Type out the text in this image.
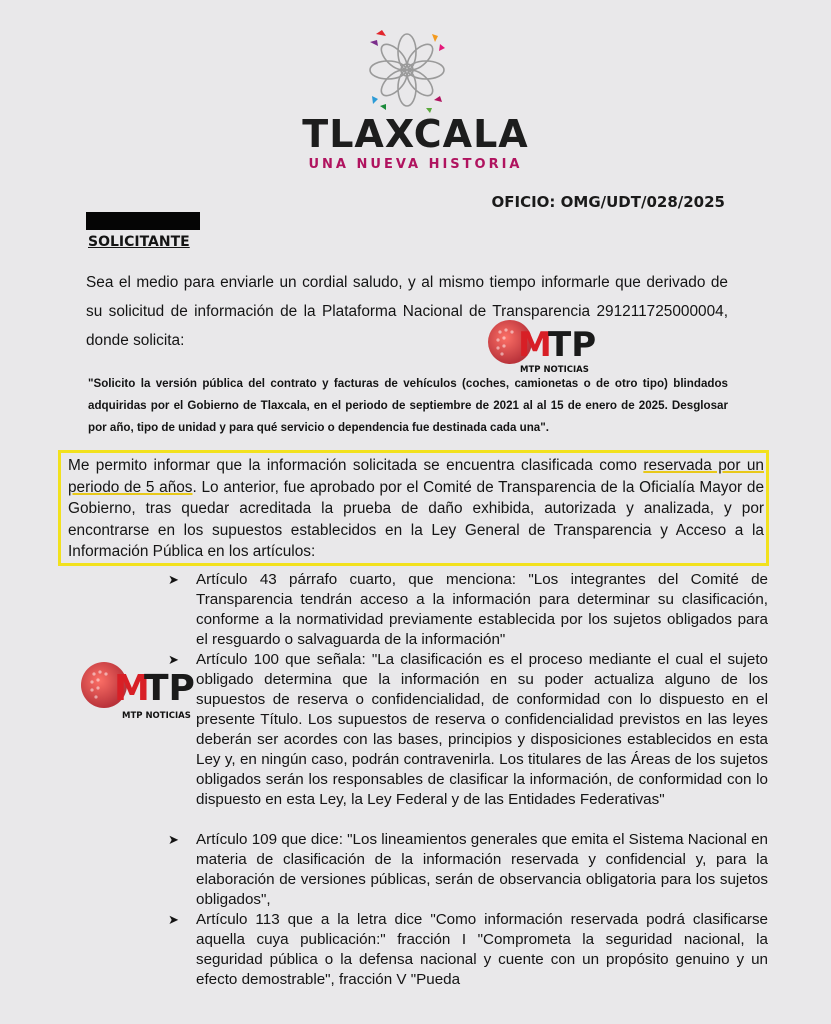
TLAXCALA
UNA NUEVA HISTORIA
OFICIO: OMG/UDT/028/2025
SOLICITANTE
Sea el medio para enviarle un cordial saludo, y al mismo tiempo informarle que derivado de su solicitud de información de la Plataforma Nacional de Transparencia 291211725000004, donde solicita:
"Solicito la versión pública del contrato y facturas de vehículos (coches, camionetas o de otro tipo) blindados adquiridas por el Gobierno de Tlaxcala, en el periodo de septiembre de 2021 al al 15 de enero de 2025. Desglosar por año, tipo de unidad y para qué servicio o dependencia fue destinada cada una".
Me permito informar que la información solicitada se encuentra clasificada como reservada por un periodo de 5 años. Lo anterior, fue aprobado por el Comité de Transparencia de la Oficialía Mayor de Gobierno, tras quedar acreditada la prueba de daño exhibida, autorizada y analizada, y por encontrarse en los supuestos establecidos en la Ley General de Transparencia y Acceso a la Información Pública en los artículos:
➤ Artículo 43 párrafo cuarto, que menciona: "Los integrantes del Comité de Transparencia tendrán acceso a la información para determinar su clasificación, conforme a la normatividad previamente establecida por los sujetos obligados para el resguardo o salvaguarda de la información"
➤ Artículo 100 que señala: "La clasificación es el proceso mediante el cual el sujeto obligado determina que la información en su poder actualiza alguno de los supuestos de reserva o confidencialidad, de conformidad con lo dispuesto en el presente Título. Los supuestos de reserva o confidencialidad previstos en las leyes deberán ser acordes con las bases, principios y disposiciones establecidos en esta Ley y, en ningún caso, podrán contravenirla. Los titulares de las Áreas de los sujetos obligados serán los responsables de clasificar la información, de conformidad con lo dispuesto en esta Ley, la Ley Federal y de las Entidades Federativas"
➤ Artículo 109 que dice: "Los lineamientos generales que emita el Sistema Nacional en materia de clasificación de la información reservada y confidencial y, para la elaboración de versiones públicas, serán de observancia obligatoria para los sujetos obligados",
➤ Artículo 113 que a la letra dice "Como información reservada podrá clasificarse aquella cuya publicación:" fracción I "Comprometa la seguridad nacional, la seguridad pública o la defensa nacional y cuente con un propósito genuino y un efecto demostrable", fracción V "Pueda
M
TP
MTP NOTICIAS
M
TP
MTP NOTICIAS
